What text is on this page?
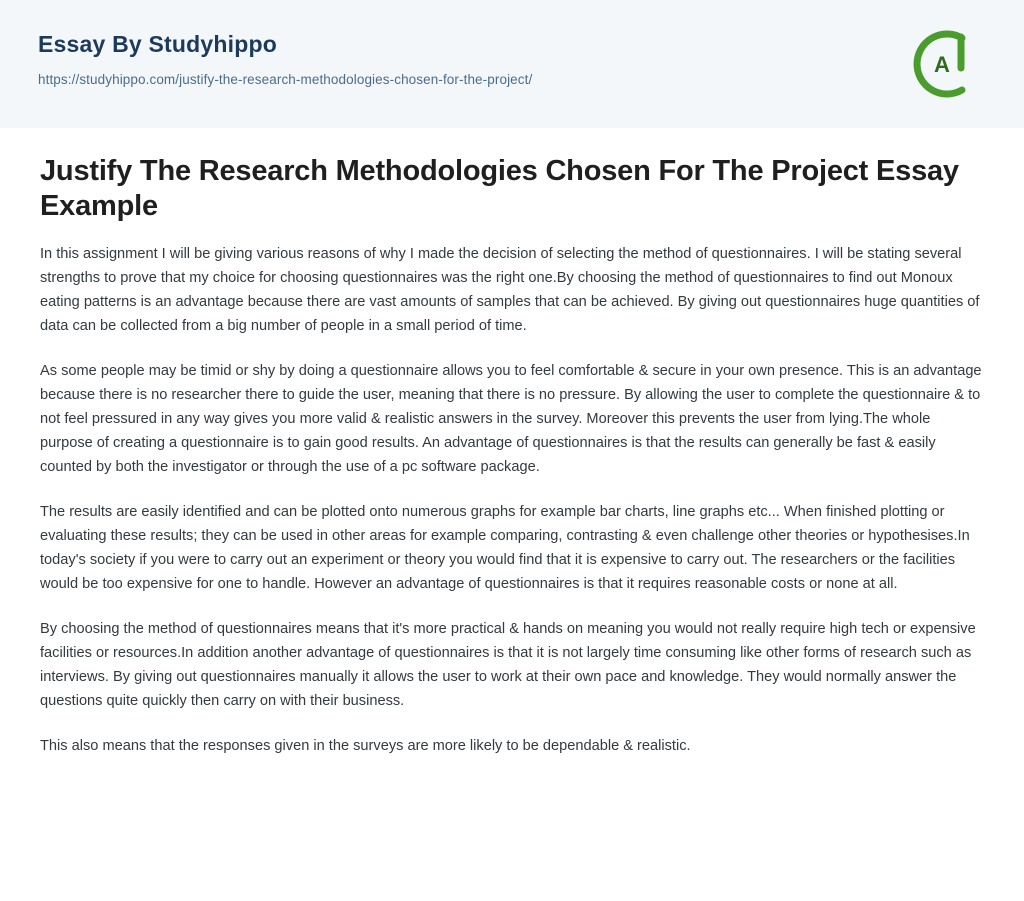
Essay By Studyhippo
https://studyhippo.com/justify-the-research-methodologies-chosen-for-the-project/
A
Justify The Research Methodologies Chosen For The Project Essay Example

In this assignment I will be giving various reasons of why I made the decision of selecting the method of questionnaires. I will be stating several strengths to prove that my choice for choosing questionnaires was the right one.By choosing the method of questionnaires to find out Monoux eating patterns is an advantage because there are vast amounts of samples that can be achieved. By giving out questionnaires huge quantities of data can be collected from a big number of people in a small period of time.

As some people may be timid or shy by doing a questionnaire allows you to feel comfortable & secure in your own presence. This is an advantage because there is no researcher there to guide the user, meaning that there is no pressure. By allowing the user to complete the questionnaire & to not feel pressured in any way gives you more valid & realistic answers in the survey. Moreover this prevents the user from lying.The whole purpose of creating a questionnaire is to gain good results. An advantage of questionnaires is that the results can generally be fast & easily counted by both the investigator or through the use of a pc software package.

The results are easily identified and can be plotted onto numerous graphs for example bar charts, line graphs etc... When finished plotting or evaluating these results; they can be used in other areas for example comparing, contrasting & even challenge other theories or hypothesises.In today's society if you were to carry out an experiment or theory you would find that it is expensive to carry out. The researchers or the facilities would be too expensive for one to handle. However an advantage of questionnaires is that it requires reasonable costs or none at all.

By choosing the method of questionnaires means that it's more practical & hands on meaning you would not really require high tech or expensive facilities or resources.In addition another advantage of questionnaires is that it is not largely time consuming like other forms of research such as interviews. By giving out questionnaires manually it allows the user to work at their own pace and knowledge. They would normally answer the questions quite quickly then carry on with their business.

This also means that the responses given in the surveys are more likely to be dependable & realistic.
